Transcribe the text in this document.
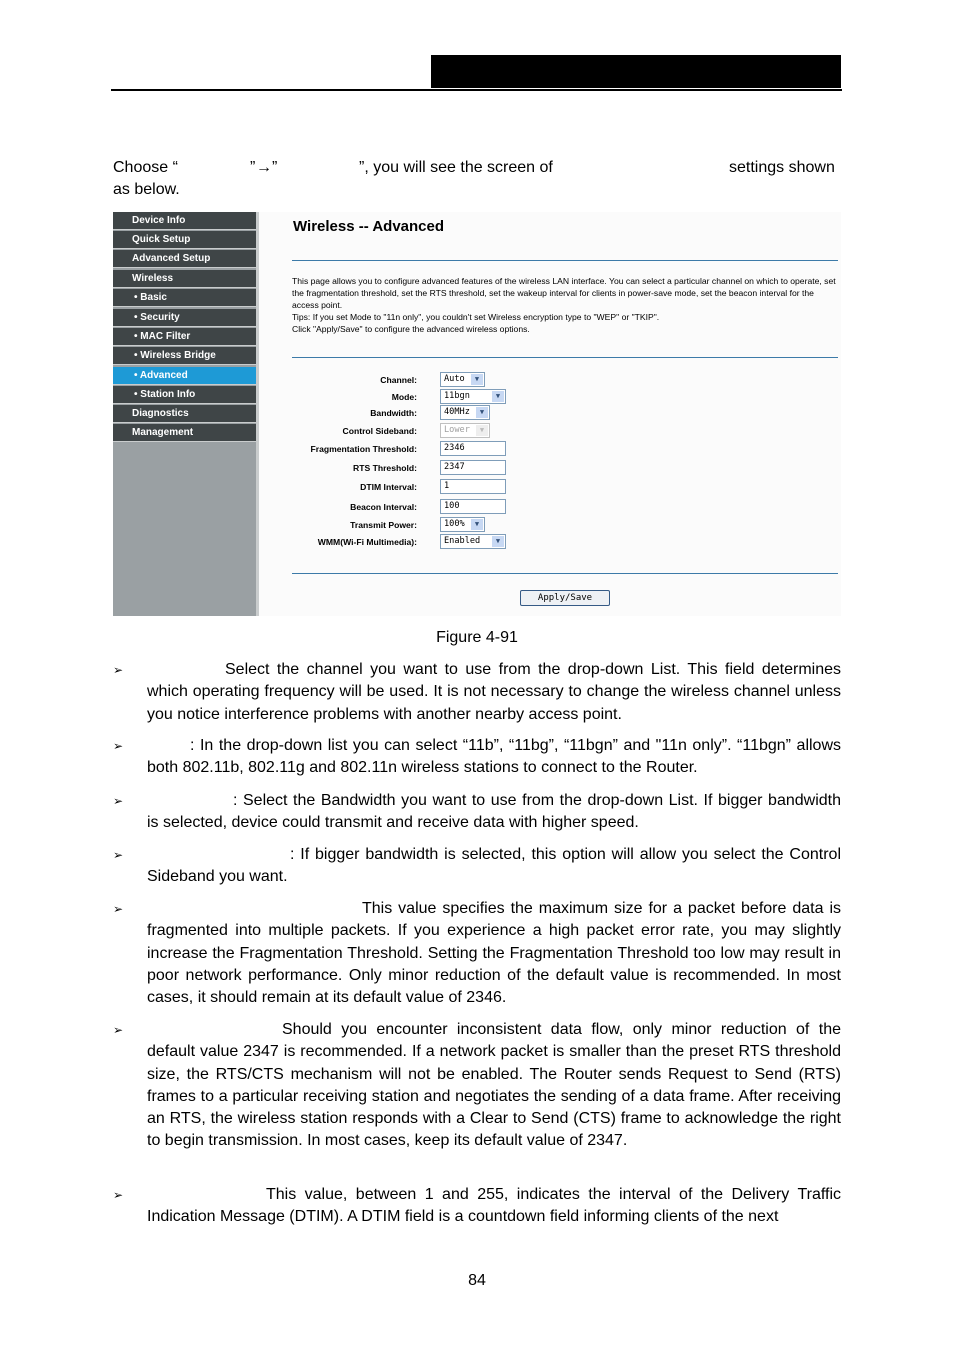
Choose “	” → ”	”, you will see the screen of	settings shown
as below.
Device Info
Quick Setup
Advanced Setup
Wireless
• Basic
• Security
• MAC Filter
• Wireless Bridge
• Advanced
• Station Info
Diagnostics
Management
Wireless -- Advanced
This page allows you to configure advanced features of the wireless LAN interface. You can select a particular channel on which to operate, set the fragmentation threshold, set the RTS threshold, set the wakeup interval for clients in power-save mode, set the beacon interval for the access point.
Tips: If you set Mode to "11n only", you couldn't set Wireless encryption type to "WEP" or "TKIP".
Click "Apply/Save" to configure the advanced wireless options.
Channel:	Auto	▼
Mode:	11bgn	▼
Bandwidth:	40MHz	▼
Control Sideband:	Lower	▼
Fragmentation Threshold:	2346
RTS Threshold:	2347
DTIM Interval:	1
Beacon Interval:	100
Transmit Power:	100%	▼
WMM(Wi-Fi Multimedia):	Enabled	▼
Apply/Save
Figure 4-91
➢	Select the channel you want to use from the drop-down List. This field determines which operating frequency will be used. It is not necessary to change the wireless channel unless you notice interference problems with another nearby access point.
➢	: In the drop-down list you can select “11b”, “11bg”, “11bgn” and "11n only”. “11bgn” allows both 802.11b, 802.11g and 802.11n wireless stations to connect to the Router.
➢	: Select the Bandwidth you want to use from the drop-down List. If bigger bandwidth is selected, device could transmit and receive data with higher speed.
➢	: If bigger bandwidth is selected, this option will allow you select the Control Sideband you want.
➢	This value specifies the maximum size for a packet before data is fragmented into multiple packets. If you experience a high packet error rate, you may slightly increase the Fragmentation Threshold. Setting the Fragmentation Threshold too low may result in poor network performance. Only minor reduction of the default value is recommended. In most cases, it should remain at its default value of 2346.
➢	Should you encounter inconsistent data flow, only minor reduction of the default value 2347 is recommended. If a network packet is smaller than the preset RTS threshold size, the RTS/CTS mechanism will not be enabled. The Router sends Request to Send (RTS) frames to a particular receiving station and negotiates the sending of a data frame. After receiving an RTS, the wireless station responds with a Clear to Send (CTS) frame to acknowledge the right to begin transmission. In most cases, keep its default value of 2347.
➢	This value, between 1 and 255, indicates the interval of the Delivery Traffic Indication Message (DTIM). A DTIM field is a countdown field informing clients of the next
84
